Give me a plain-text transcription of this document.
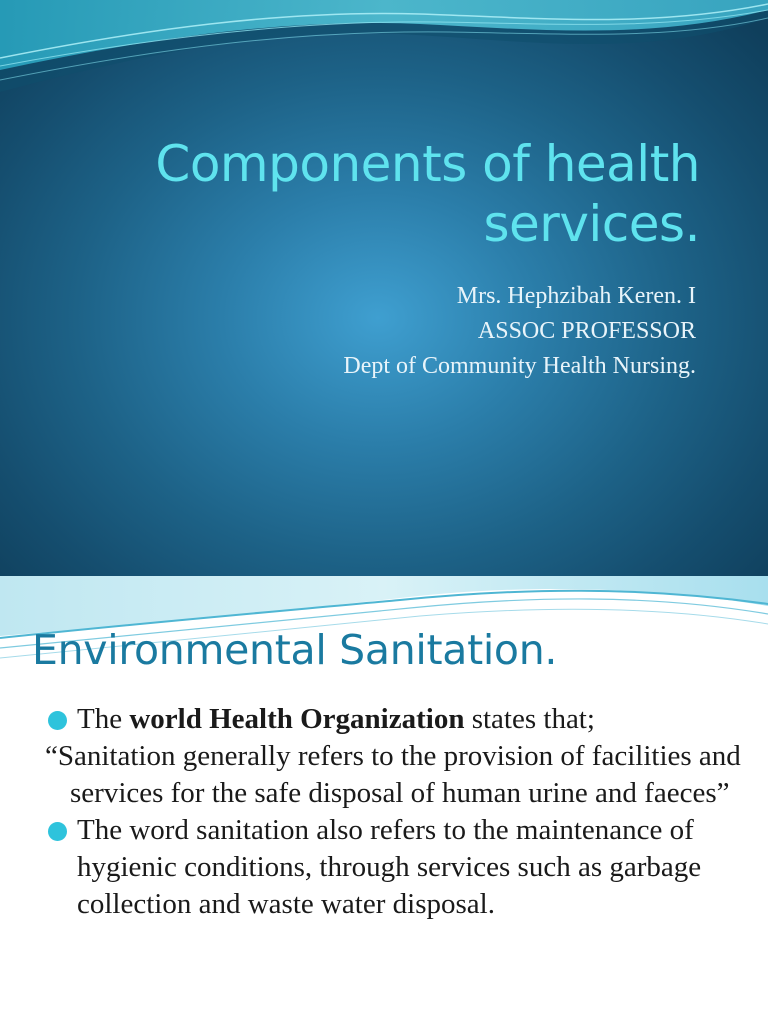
Components of health
services.
Mrs. Hephzibah Keren. I
ASSOC PROFESSOR
Dept of Community Health Nursing.
Environmental Sanitation.
The world Health Organization states that;
“Sanitation generally refers to the provision of facilities and services for the safe disposal of human urine and faeces”
The word sanitation also refers to the maintenance of hygienic conditions, through services such as garbage collection and waste water disposal.
